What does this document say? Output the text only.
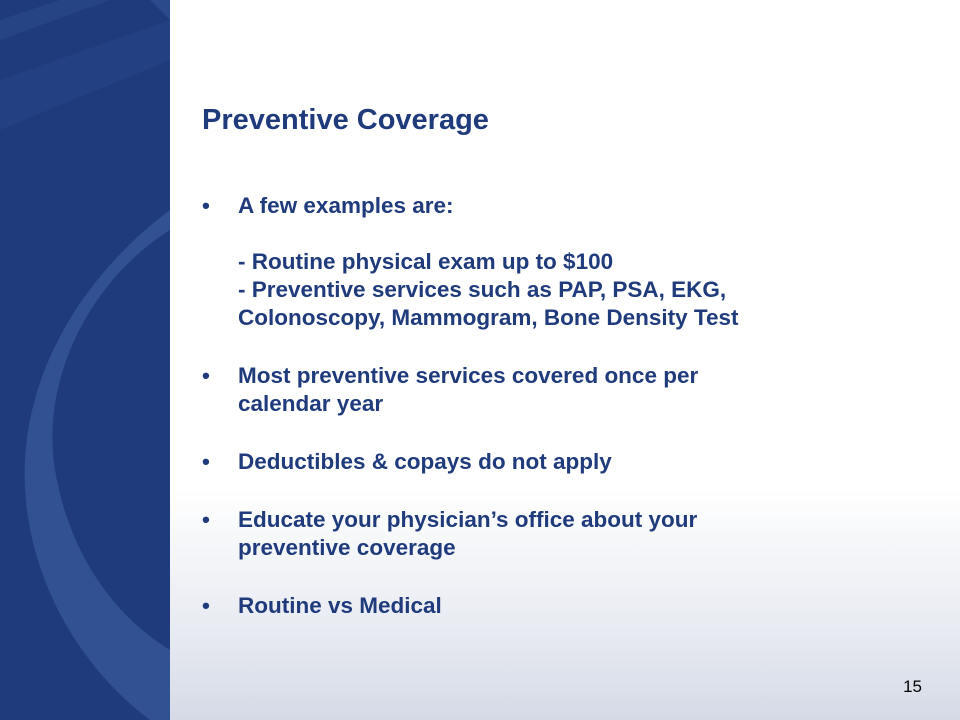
Preventive Coverage
• A few examples are:
- Routine physical exam up to $100
- Preventive services such as PAP, PSA, EKG,
Colonoscopy, Mammogram, Bone Density Test
• Most preventive services covered once per
calendar year
• Deductibles & copays do not apply
• Educate your physician’s office about your
preventive coverage
• Routine vs Medical
15
